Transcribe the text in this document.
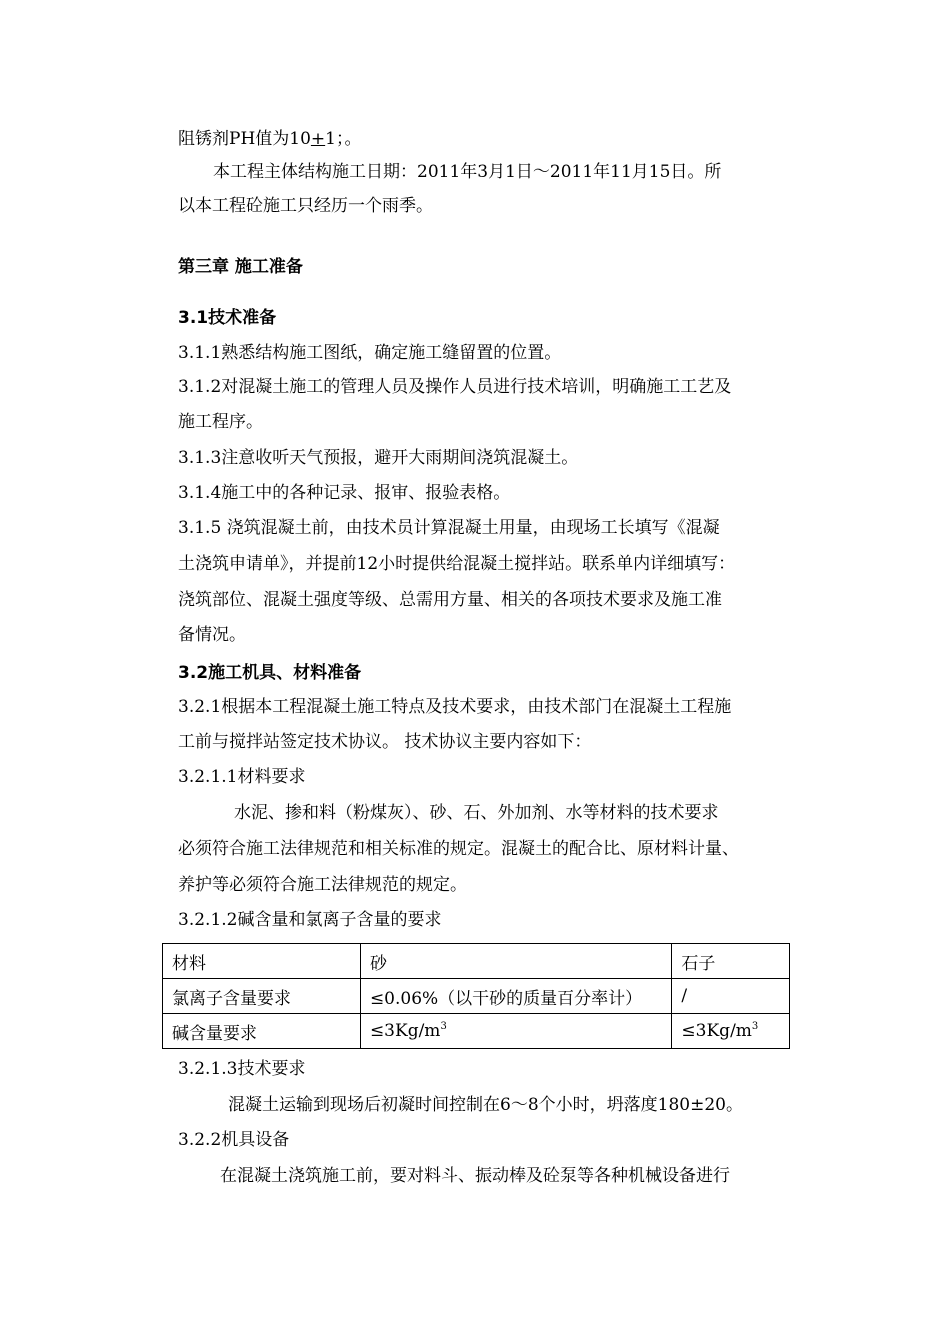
阻锈剂PH值为10+1；。
本工程主体结构施工日期：2011年3月1日～2011年11月15日。所
以本工程砼施工只经历一个雨季。
第三章 施工准备
3.1技术准备
3.1.1熟悉结构施工图纸，确定施工缝留置的位置。
3.1.2对混凝土施工的管理人员及操作人员进行技术培训，明确施工工艺及
施工程序。
3.1.3注意收听天气预报，避开大雨期间浇筑混凝土。
3.1.4施工中的各种记录、报审、报验表格。
3.1.5 浇筑混凝土前，由技术员计算混凝土用量，由现场工长填写《混凝
土浇筑申请单》，并提前12小时提供给混凝土搅拌站。联系单内详细填写：
浇筑部位、混凝土强度等级、总需用方量、相关的各项技术要求及施工准
备情况。
3.2施工机具、材料准备
3.2.1根据本工程混凝土施工特点及技术要求，由技术部门在混凝土工程施
工前与搅拌站签定技术协议。 技术协议主要内容如下：
3.2.1.1材料要求
水泥、掺和料（粉煤灰）、砂、石、外加剂、水等材料的技术要求
必须符合施工法律规范和相关标准的规定。混凝土的配合比、原材料计量、
养护等必须符合施工法律规范的规定。
3.2.1.2碱含量和氯离子含量的要求
材料	砂	石子
氯离子含量要求	≤0.06%（以干砂的质量百分率计）	/
碱含量要求	$\le 3Kg/m^3$	$\le 3Kg/m^3$
3.2.1.3技术要求
混凝土运输到现场后初凝时间控制在6～8个小时，坍落度180±20。
3.2.2机具设备
在混凝土浇筑施工前，要对料斗、振动棒及砼泵等各种机械设备进行
